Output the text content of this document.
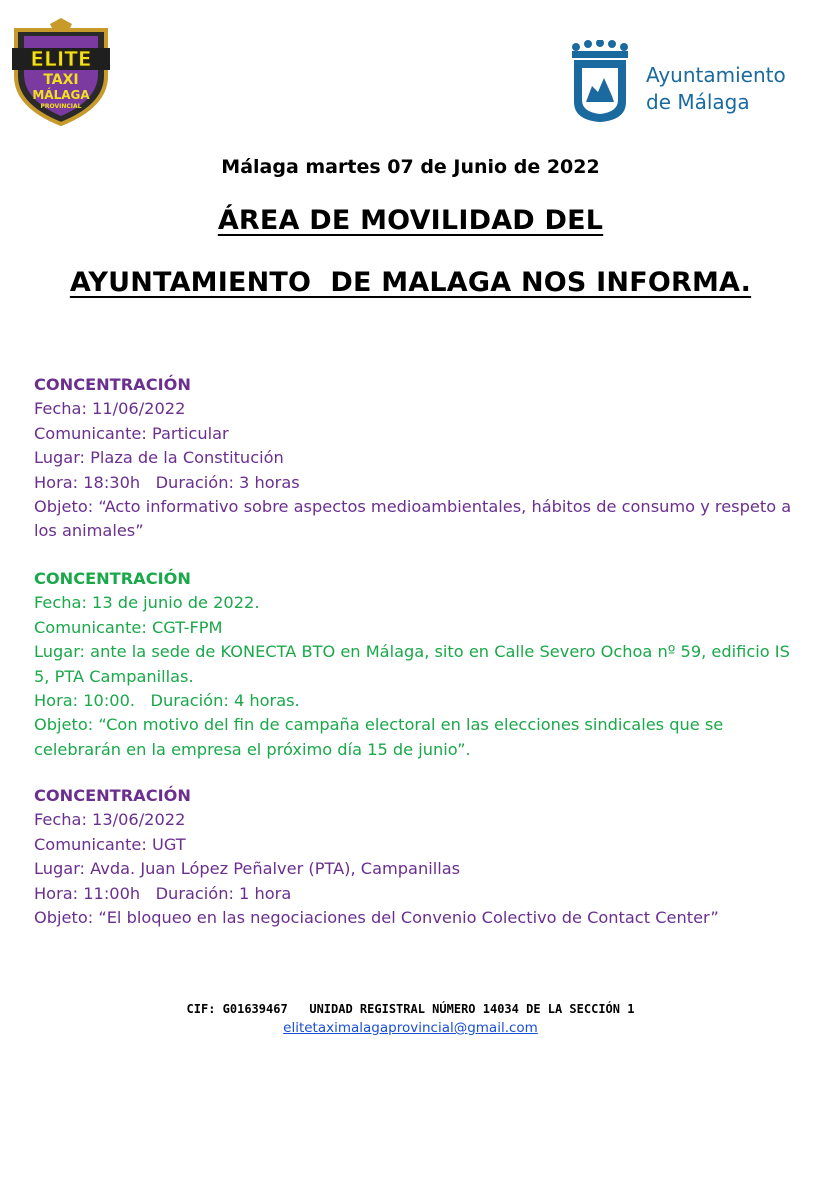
ELITE
TAXI
MÁLAGA
PROVINCIAL
Ayuntamiento
de Málaga
Málaga martes 07 de Junio de 2022
ÁREA DE MOVILIDAD DEL
AYUNTAMIENTO  DE MALAGA NOS INFORMA.
CONCENTRACIÓN
Fecha: 11/06/2022
Comunicante: Particular
Lugar: Plaza de la Constitución
Hora: 18:30h   Duración: 3 horas
Objeto: “Acto informativo sobre aspectos medioambientales, hábitos de consumo y respeto a los animales”
CONCENTRACIÓN
Fecha: 13 de junio de 2022.
Comunicante: CGT-FPM
Lugar: ante la sede de KONECTA BTO en Málaga, sito en Calle Severo Ochoa nº 59, edificio IS 5, PTA Campanillas.
Hora: 10:00.   Duración: 4 horas.
Objeto: “Con motivo del fin de campaña electoral en las elecciones sindicales que se celebrarán en la empresa el próximo día 15 de junio”.
CONCENTRACIÓN
Fecha: 13/06/2022
Comunicante: UGT
Lugar: Avda. Juan López Peñalver (PTA), Campanillas
Hora: 11:00h   Duración: 1 hora
Objeto: “El bloqueo en las negociaciones del Convenio Colectivo de Contact Center”
CIF: G01639467   UNIDAD REGISTRAL NÚMERO 14034 DE LA SECCIÓN 1
elitetaximalagaprovincial@gmail.com
